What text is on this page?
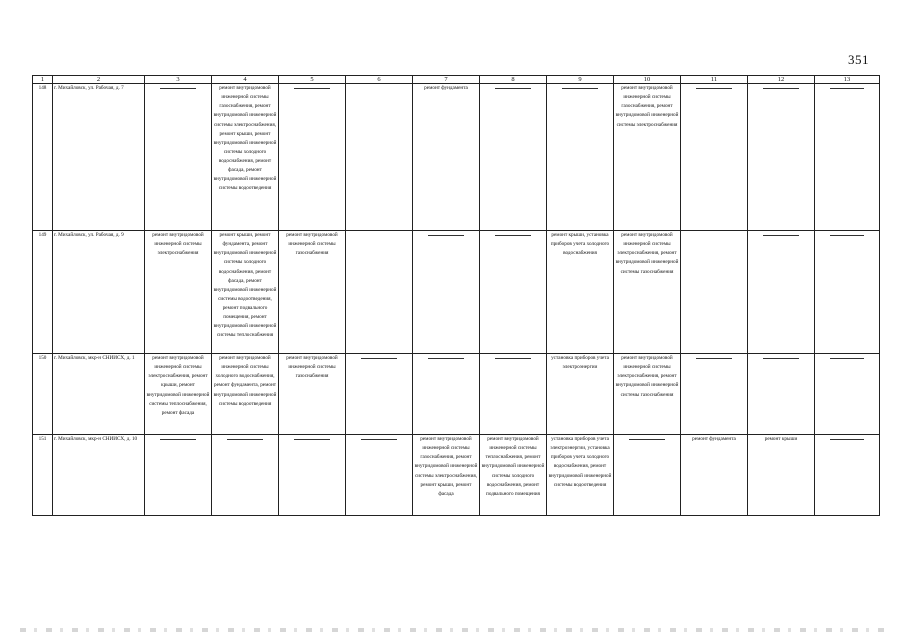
351
1	2	3	4	5	6	7	8	9	10	11	12	13
148	г. Михайловск, ул. Рабочая, д. 7		ремонт внутридомовой инженерной системы газоснабжения, ремонт внутридомовой инженерной системы электроснабжения, ремонт крыши, ремонт внутридомовой инженерной системы холодного водоснабжения, ремонт фасада, ремонт внутридомовой инженерной системы водоотведения			ремонт фундамента			ремонт внутридомовой инженерной системы газоснабжения, ремонт внутридомовой инженерной системы электроснабжения	

149	г. Михайловск, ул. Рабочая, д. 9	ремонт внутридомовой инженерной системы электроснабжения	ремонт крыши, ремонт фундамента, ремонт внутридомовой инженерной системы холодного водоснабжения, ремонт фасада, ремонт внутридомовой инженерной системы водоотведения, ремонт подвального помещения, ремонт внутридомовой инженерной системы теплоснабжения	ремонт внутридомовой инженерной системы газоснабжения				ремонт крыши, установка приборов учета холодного водоснабжения	ремонт внутридомовой инженерной системы электроснабжения, ремонт внутридомовой инженерной системы газоснабжения		

150	г. Михайловск, мкр-н СНИИСХ, д. 1	ремонт внутридомовой инженерной системы электроснабжения, ремонт крыши, ремонт внутридомовой инженерной системы теплоснабжения, ремонт фасада	ремонт внутридомовой инженерной системы холодного водоснабжения, ремонт фундамента, ремонт внутридомовой инженерной системы водоотведения	ремонт внутридомовой инженерной системы газоснабжения				установка приборов учета электроэнергии	ремонт внутридомовой инженерной системы электроснабжения, ремонт внутридомовой инженерной системы газоснабжения	

151	г. Михайловск, мкр-н СНИИСХ, д. 10					ремонт внутридомовой инженерной системы газоснабжения, ремонт внутридомовой инженерной системы электроснабжения, ремонт крыши, ремонт фасада	ремонт внутридомовой инженерной системы теплоснабжения, ремонт внутридомовой инженерной системы холодного водоснабжения, ремонт подвального помещения	установка приборов учета электроэнергии, установка приборов учета холодного водоснабжения, ремонт внутридомовой инженерной системы водоотведения		ремонт фундамента	ремонт крыши	
